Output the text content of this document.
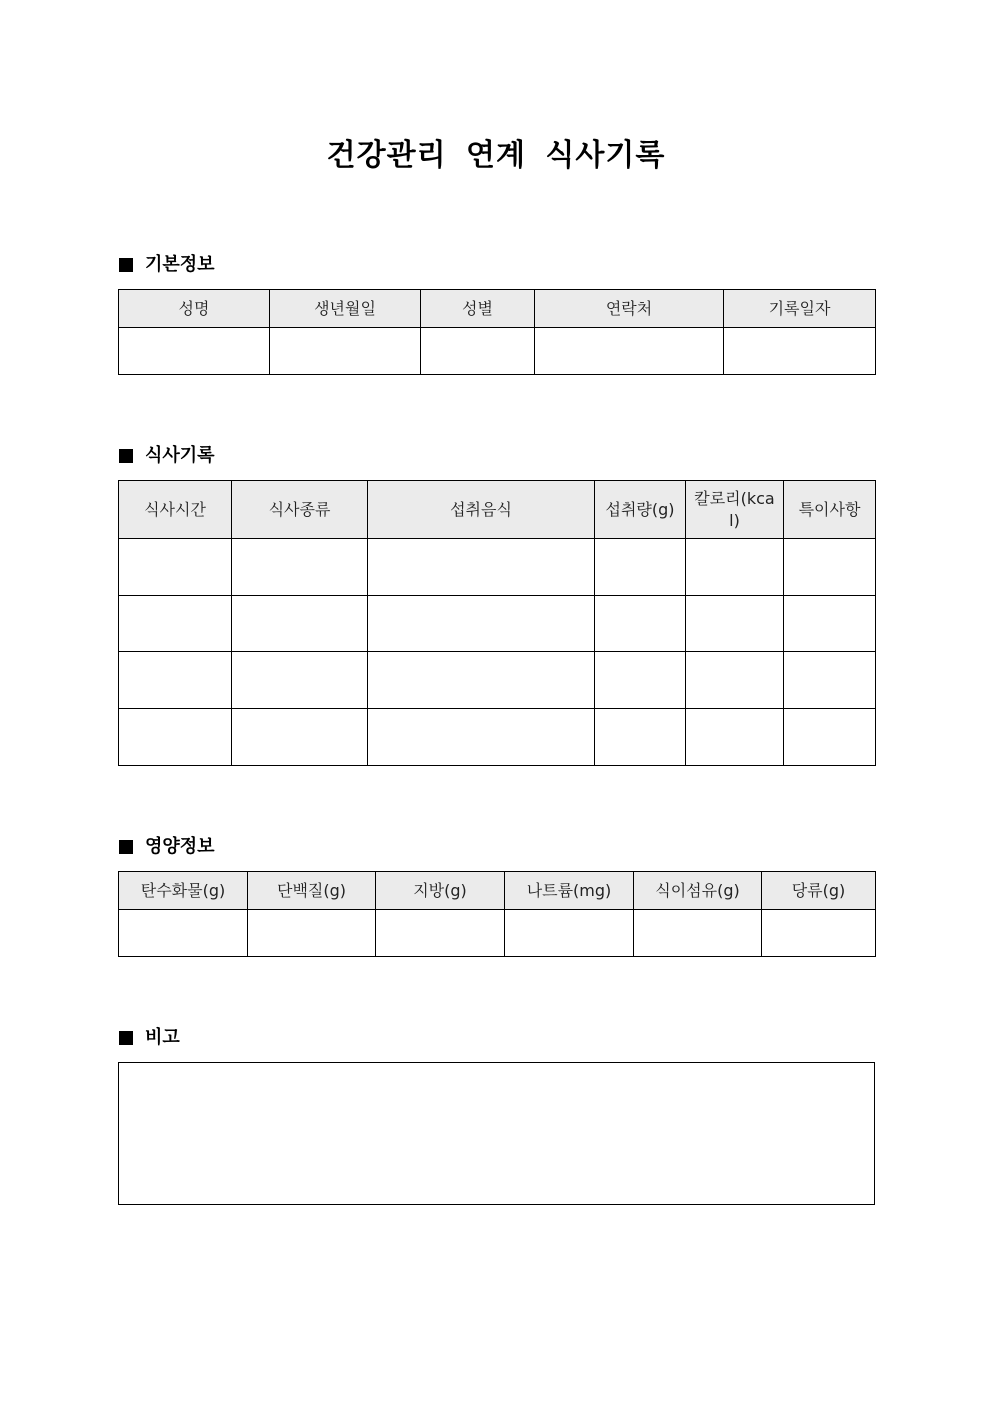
건강관리 연계 식사기록
기본정보
성명	생년월일	성별	연락처	기록일자

식사기록
식사시간	식사종류	섭취음식	섭취량(g)	칼로리(kcal)	특이사항

영양정보
탄수화물(g)	단백질(g)	지방(g)	나트륨(mg)	식이섬유(g)	당류(g)

비고
